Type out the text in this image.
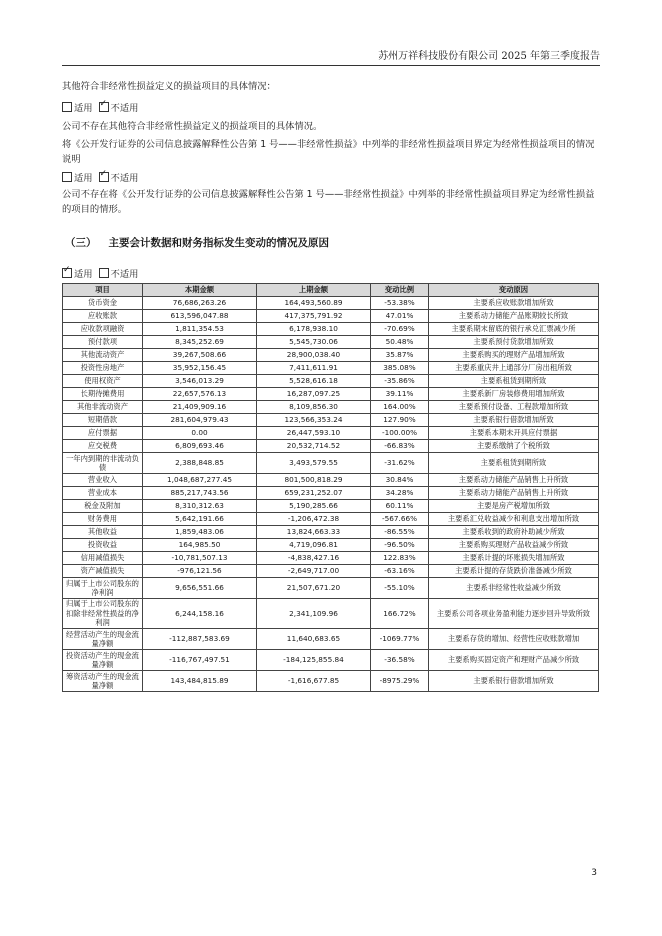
苏州万祥科技股份有限公司 2025 年第三季度报告
其他符合非经常性损益定义的损益项目的具体情况：
适用 ✓ 不适用
公司不存在其他符合非经常性损益定义的损益项目的具体情况。
将《公开发行证券的公司信息披露解释性公告第 1 号——非经常性损益》中列举的非经常性损益项目界定为经常性损益项目的情况说明
适用 ✓ 不适用
公司不存在将《公开发行证券的公司信息披露解释性公告第 1 号——非经常性损益》中列举的非经常性损益项目界定为经常性损益的项目的情形。
（三） 主要会计数据和财务指标发生变动的情况及原因
✓适用 不适用
项目	本期金额	上期金额	变动比例	变动原因
货币资金	76,686,263.26	164,493,560.89	-53.38%	主要系应收账款增加所致
应收账款	613,596,047.88	417,375,791.92	47.01%	主要系动力储能产品账期较长所致
应收款项融资	1,811,354.53	6,178,938.10	-70.69%	主要系期末留底的银行承兑汇票减少所
预付款项	8,345,252.69	5,545,730.06	50.48%	主要系预付货款增加所致
其他流动资产	39,267,508.66	28,900,038.40	35.87%	主要系购买的理财产品增加所致
投资性房地产	35,952,156.45	7,411,611.91	385.08%	主要系重庆井上通部分厂房出租所致
使用权资产	3,546,013.29	5,528,616.18	-35.86%	主要系租赁到期所致
长期待摊费用	22,657,576.13	16,287,097.25	39.11%	主要系新厂房装修费用增加所致
其他非流动资产	21,409,909.16	8,109,856.30	164.00%	主要系预付设备、工程款增加所致
短期借款	281,604,979.43	123,566,353.24	127.90%	主要系银行借款增加所致
应付票据	0.00	26,447,593.10	-100.00%	主要系本期未开具应付票据
应交税费	6,809,693.46	20,532,714.52	-66.83%	主要系缴纳了个税所致
一年内到期的非流动负债	2,388,848.85	3,493,579.55	-31.62%	主要系租赁到期所致
营业收入	1,048,687,277.45	801,500,818.29	30.84%	主要系动力储能产品销售上升所致
营业成本	885,217,743.56	659,231,252.07	34.28%	主要系动力储能产品销售上升所致
税金及附加	8,310,312.63	5,190,285.66	60.11%	主要是房产税增加所致
财务费用	5,642,191.66	-1,206,472.38	-567.66%	主要系汇兑收益减少和利息支出增加所致
其他收益	1,859,483.06	13,824,663.33	-86.55%	主要系收到的政府补助减少所致
投资收益	164,985.50	4,719,096.81	-96.50%	主要系购买理财产品收益减少所致
信用减值损失	-10,781,507.13	-4,838,427.16	122.83%	主要系计提的坏账损失增加所致
资产减值损失	-976,121.56	-2,649,717.00	-63.16%	主要系计提的存货跌价准备减少所致
归属于上市公司股东的净利润	9,656,551.66	21,507,671.20	-55.10%	主要系非经常性收益减少所致
归属于上市公司股东的扣除非经常性损益的净利润	6,244,158.16	2,341,109.96	166.72%	主要系公司各项业务盈利能力逐步回升导致所致
经营活动产生的现金流量净额	-112,887,583.69	11,640,683.65	-1069.77%	主要系存货的增加、经营性应收账款增加
投资活动产生的现金流量净额	-116,767,497.51	-184,125,855.84	-36.58%	主要系购买固定资产和理财产品减少所致
筹资活动产生的现金流量净额	143,484,815.89	-1,616,677.85	-8975.29%	主要系银行借款增加所致
3
